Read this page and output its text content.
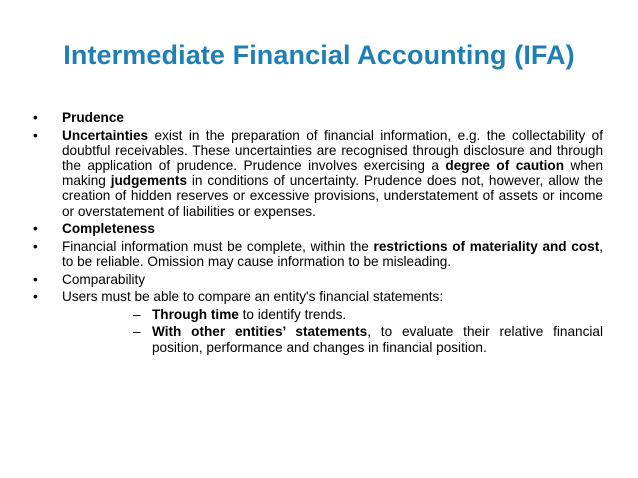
Intermediate Financial Accounting (IFA)
•	Prudence
•	Uncertainties exist in the preparation of financial information, e.g. the collectability of doubtful receivables. These uncertainties are recognised through disclosure and through the application of prudence. Prudence involves exercising a degree of caution when making judgements in conditions of uncertainty. Prudence does not, however, allow the creation of hidden reserves or excessive provisions, understatement of assets or income or overstatement of liabilities or expenses.
•	Completeness
•	Financial information must be complete, within the restrictions of materiality and cost, to be reliable. Omission may cause information to be misleading.
•	Comparability
•	Users must be able to compare an entity's financial statements:
– Through time to identify trends.
– With other entities’ statements, to evaluate their relative financial position, performance and changes in financial position.
